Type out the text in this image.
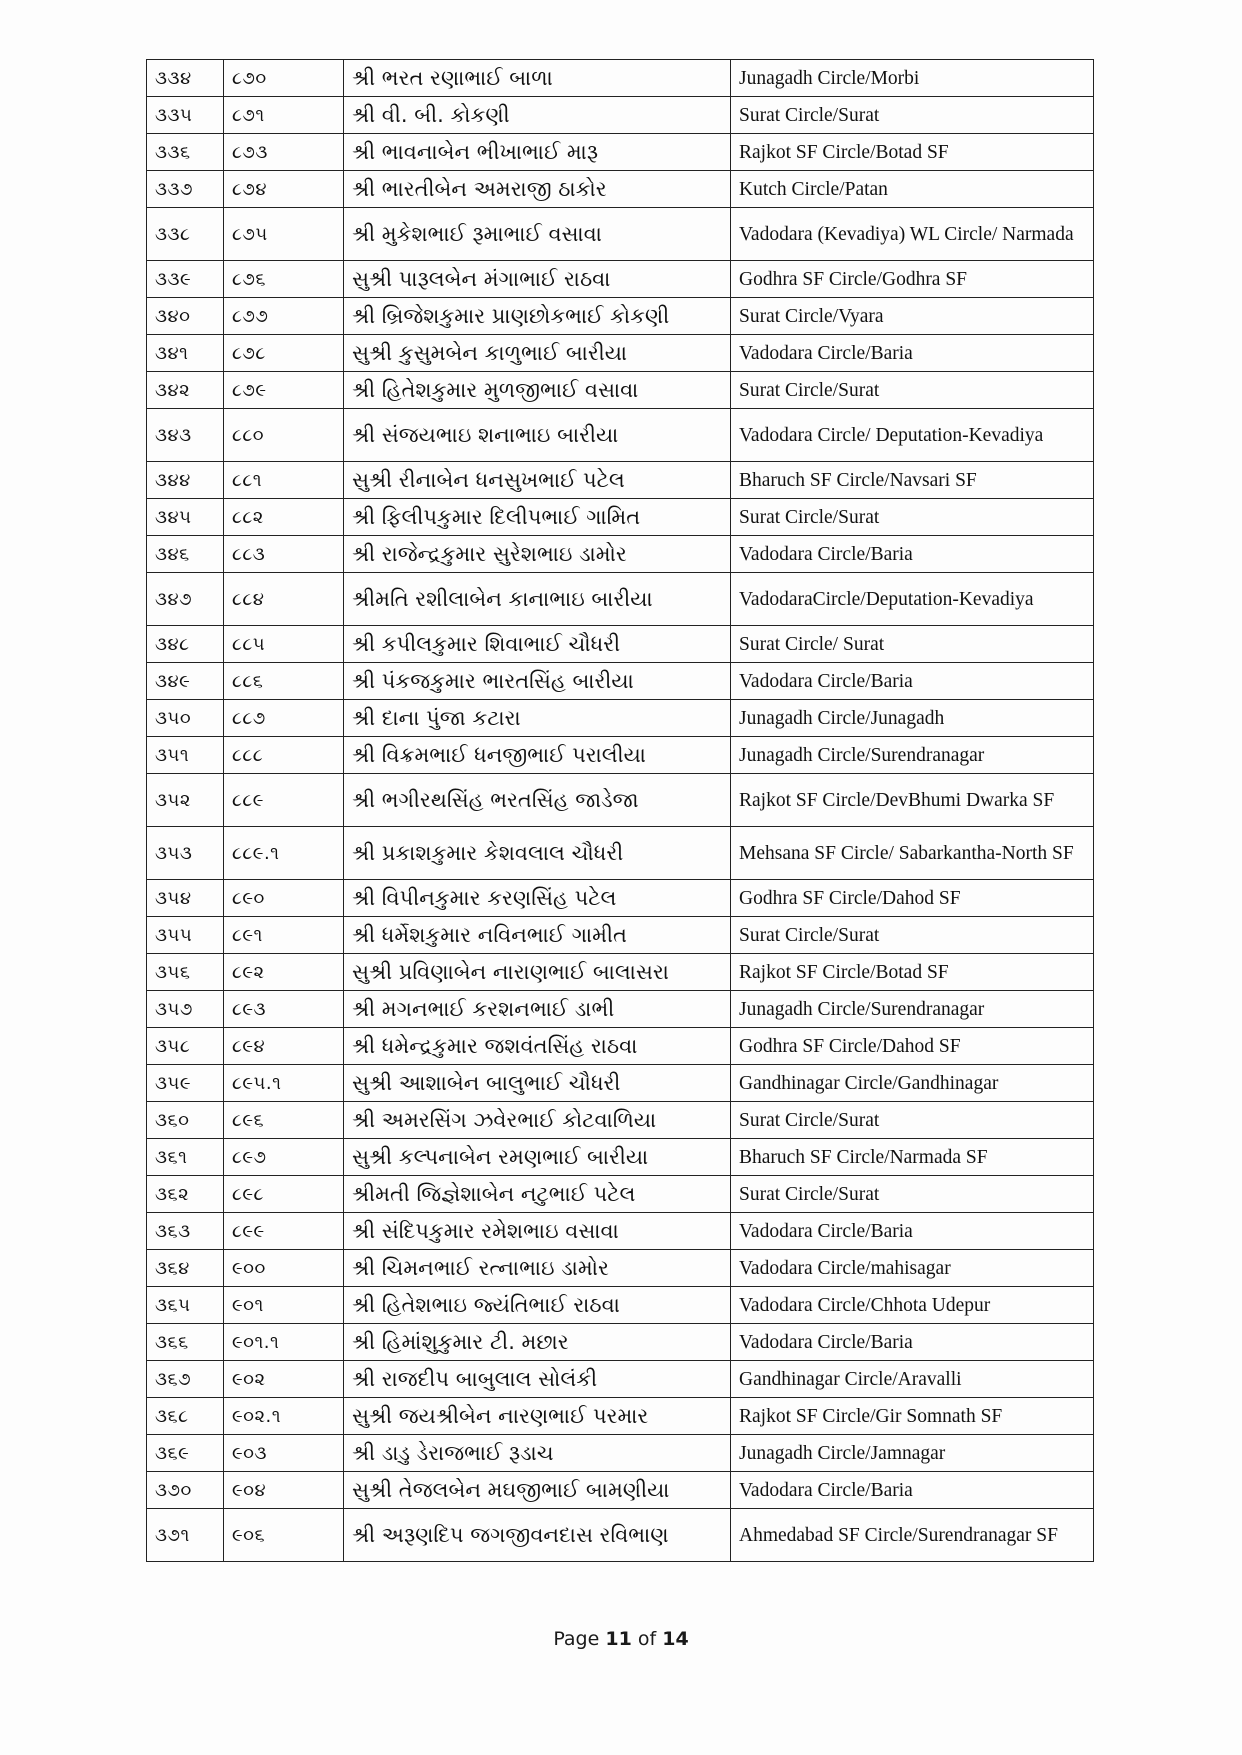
૩૩૪	૮૭૦	શ્રી ભરત રણાભાઈ બાળા	Junagadh Circle/Morbi
૩૩૫	૮૭૧	શ્રી વી. બી. કોકણી	Surat Circle/Surat
૩૩૬	૮૭૩	શ્રી ભાવનાબેન ભીખાભાઈ મારૂ	Rajkot SF Circle/Botad SF
૩૩૭	૮૭૪	શ્રી ભારતીબેન અમરાજી ઠાકોર	Kutch Circle/Patan
૩૩૮	૮૭૫	શ્રી મુકેશભાઈ રૂમાભાઈ વસાવા	Vadodara (Kevadiya) WL Circle/ Narmada
૩૩૯	૮૭૬	સુશ્રી પારૂલબેન મંગાભાઈ રાઠવા	Godhra SF Circle/Godhra SF
૩૪૦	૮૭૭	શ્રી બ્રિજેશકુમાર પ્રાણછોકભાઈ કોકણી	Surat Circle/Vyara
૩૪૧	૮૭૮	સુશ્રી કુસુમબેન કાળુભાઈ બારીયા	Vadodara Circle/Baria
૩૪૨	૮૭૯	શ્રી હિતેશકુમાર મુળજીભાઈ વસાવા	Surat Circle/Surat
૩૪૩	૮૮૦	શ્રી સંજયભાઇ શનાભાઇ બારીયા	Vadodara Circle/ Deputation-Kevadiya
૩૪૪	૮૮૧	સુશ્રી રીનાબેન ધનસુખભાઈ પટેલ	Bharuch SF Circle/Navsari SF
૩૪૫	૮૮૨	શ્રી ફિલીપકુમાર દિલીપભાઈ ગામિત	Surat Circle/Surat
૩૪૬	૮૮૩	શ્રી રાજેન્દ્રકુમાર સુરેશભાઇ ડામોર	Vadodara Circle/Baria
૩૪૭	૮૮૪	શ્રીમતિ રશીલાબેન કાનાભાઇ બારીયા	VadodaraCircle/Deputation-Kevadiya
૩૪૮	૮૮૫	શ્રી કપીલકુમાર શિવાભાઈ ચૌધરી	Surat Circle/ Surat
૩૪૯	૮૮૬	શ્રી પંકજકુમાર ભારતસિંહ બારીયા	Vadodara Circle/Baria
૩૫૦	૮૮૭	શ્રી દાના પુંજા કટારા	Junagadh Circle/Junagadh
૩૫૧	૮૮૮	શ્રી વિક્રમભાઈ ધનજીભાઈ પરાલીયા	Junagadh Circle/Surendranagar
૩૫૨	૮૮૯	શ્રી ભગીરથસિંહ ભરતસિંહ જાડેજા	Rajkot SF Circle/DevBhumi Dwarka SF
૩૫૩	૮૮૯.૧	શ્રી પ્રકાશકુમાર કેશવલાલ ચૌધરી	Mehsana SF Circle/ Sabarkantha-North SF
૩૫૪	૮૯૦	શ્રી વિપીનકુમાર કરણસિંહ પટેલ	Godhra SF Circle/Dahod SF
૩૫૫	૮૯૧	શ્રી ધર્મેશકુમાર નવિનભાઈ ગામીત	Surat Circle/Surat
૩૫૬	૮૯૨	સુશ્રી પ્રવિણાબેન નારાણભાઈ બાલાસરા	Rajkot SF Circle/Botad SF
૩૫૭	૮૯૩	શ્રી મગનભાઈ કરશનભાઈ ડાભી	Junagadh Circle/Surendranagar
૩૫૮	૮૯૪	શ્રી ધમેન્દ્રકુમાર જશવંતસિંહ રાઠવા	Godhra SF Circle/Dahod SF
૩૫૯	૮૯૫.૧	સુશ્રી આશાબેન બાલુભાઈ ચૌધરી	Gandhinagar Circle/Gandhinagar
૩૬૦	૮૯૬	શ્રી અમરસિંગ ઝવેરભાઈ કોટવાળિયા	Surat Circle/Surat
૩૬૧	૮૯૭	સુશ્રી કલ્પનાબેન રમણભાઈ બારીયા	Bharuch SF Circle/Narmada SF
૩૬૨	૮૯૮	શ્રીમતી જિજ્ઞેશાબેન નટુભાઈ પટેલ	Surat Circle/Surat
૩૬૩	૮૯૯	શ્રી સંદિપકુમાર રમેશભાઇ વસાવા	Vadodara Circle/Baria
૩૬૪	૯૦૦	શ્રી ચિમનભાઈ રત્નાભાઇ ડામોર	Vadodara Circle/mahisagar
૩૬૫	૯૦૧	શ્રી હિતેશભાઇ જ્યંતિભાઈ રાઠવા	Vadodara Circle/Chhota Udepur
૩૬૬	૯૦૧.૧	શ્રી હિમાંશુકુમાર ટી. મછાર	Vadodara Circle/Baria
૩૬૭	૯૦૨	શ્રી રાજદીપ બાબુલાલ સોલંકી	Gandhinagar Circle/Aravalli
૩૬૮	૯૦૨.૧	સુશ્રી જયશ્રીબેન નારણભાઈ પરમાર	Rajkot SF Circle/Gir Somnath SF
૩૬૯	૯૦૩	શ્રી ડાડુ ડેરાજભાઈ રૂડાચ	Junagadh Circle/Jamnagar
૩૭૦	૯૦૪	સુશ્રી તેજલબેન મઘજીભાઈ બામણીયા	Vadodara Circle/Baria
૩૭૧	૯૦૬	શ્રી અરૂણદિપ જગજીવનદાસ રવિભાણ	Ahmedabad SF Circle/Surendranagar SF
Page 11 of 14
